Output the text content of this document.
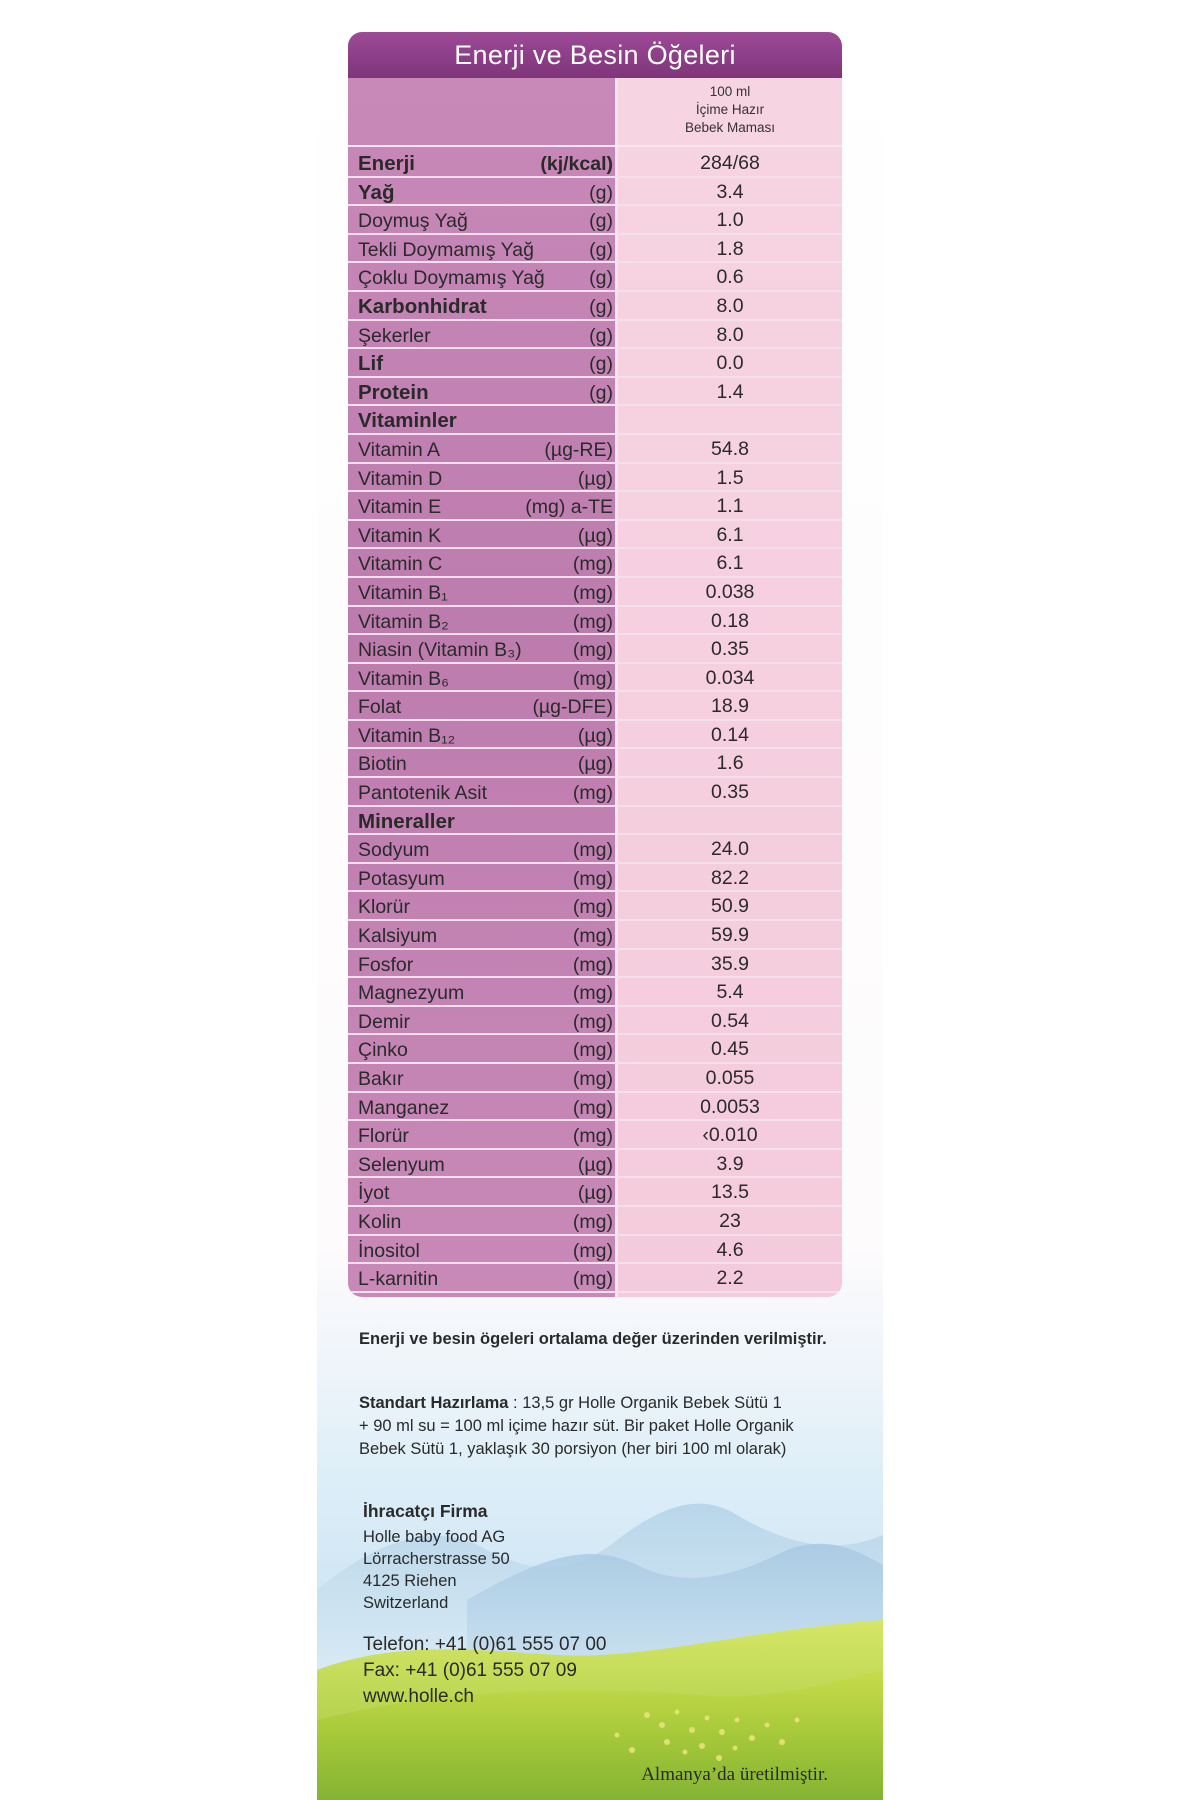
Enerji ve Besin Öğeleri
100 ml
İçime Hazır
Bebek Maması
Enerji	(kj/kcal)	284/68
Yağ	(g)	3.4
Doymuş Yağ	(g)	1.0
Tekli Doymamış Yağ	(g)	1.8
Çoklu Doymamış Yağ (g)	0.6
Karbonhidrat	(g)	8.0
Şekerler	(g)	8.0
Lif	(g)	0.0
Protein	(g)	1.4
Vitaminler
Vitamin A	(µg-RE)	54.8
Vitamin D	(µg)	1.5
Vitamin E	(mg) a-TE	1.1
Vitamin K	(µg)	6.1
Vitamin C	(mg)	6.1
Vitamin B₁	(mg)	0.038
Vitamin B₂	(mg)	0.18
Niasin (Vitamin B₃)	(mg)	0.35
Vitamin B₆	(mg)	0.034
Folat	(µg-DFE)	18.9
Vitamin B₁₂	(µg)	0.14
Biotin	(µg)	1.6
Pantotenik Asit	(mg)	0.35
Mineraller
Sodyum	(mg)	24.0
Potasyum	(mg)	82.2
Klorür	(mg)	50.9
Kalsiyum	(mg)	59.9
Fosfor	(mg)	35.9
Magnezyum	(mg)	5.4
Demir	(mg)	0.54
Çinko	(mg)	0.45
Bakır	(mg)	0.055
Manganez	(mg)	0.0053
Florür	(mg)	‹0.010
Selenyum	(µg)	3.9
İyot	(µg)	13.5
Kolin	(mg)	23
İnositol	(mg)	4.6
L-karnitin	(mg)	2.2
Enerji ve besin ögeleri ortalama değer üzerinden verilmiştir.
Standart Hazırlama : 13,5 gr Holle Organik Bebek Sütü 1
+ 90 ml su = 100 ml içime hazır süt. Bir paket Holle Organik
Bebek Sütü 1, yaklaşık 30 porsiyon (her biri 100 ml olarak)
İhracatçı Firma
Holle baby food AG
Lörracherstrasse 50
4125 Riehen
Switzerland
Telefon: +41 (0)61 555 07 00
Fax: +41 (0)61 555 07 09
www.holle.ch
Almanya’da üretilmiştir.
